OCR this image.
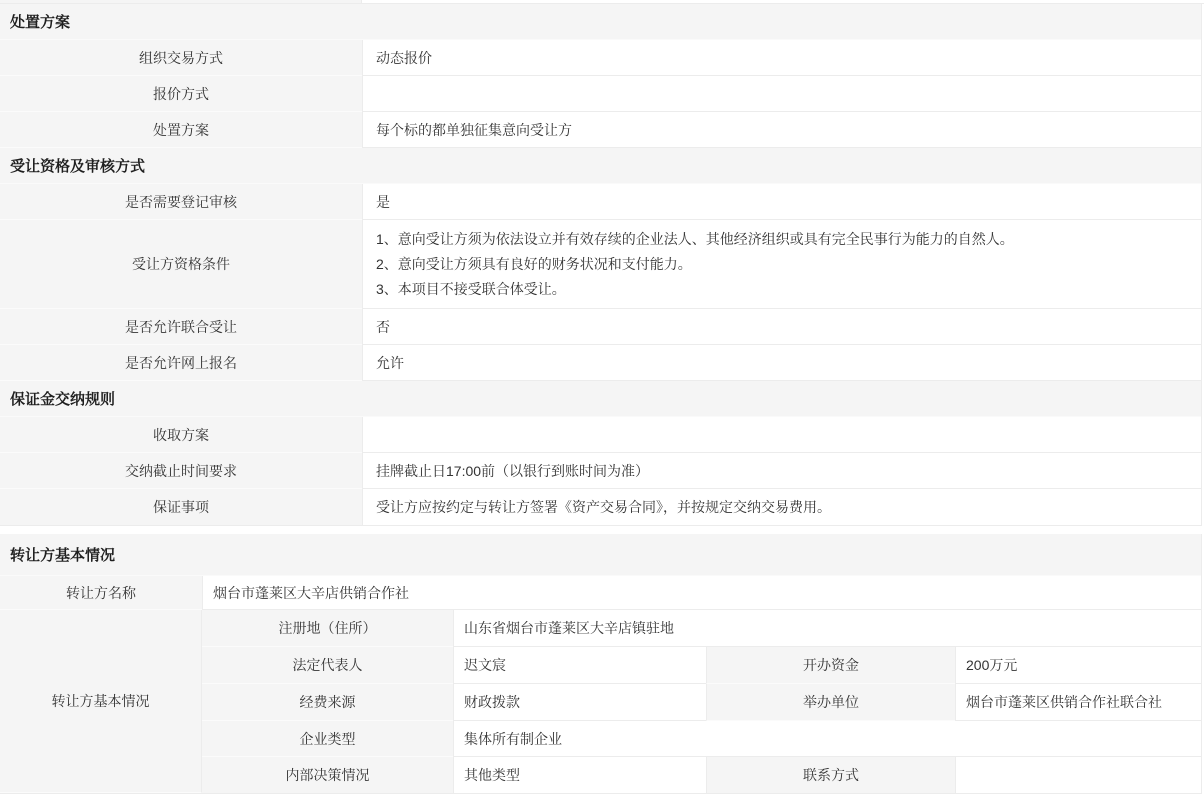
处置方案	
组织交易方式	动态报价
报价方式	
处置方案	每个标的都单独征集意向受让方
受让资格及审核方式	
是否需要登记审核	是
受让方资格条件	1、意向受让方须为依法设立并有效存续的企业法人、其他经济组织或具有完全民事行为能力的自然人。
2、意向受让方须具有良好的财务状况和支付能力。
3、本项目不接受联合体受让。

是否允许联合受让	否
是否允许网上报名	允许
保证金交纳规则	
收取方案	
交纳截止时间要求	挂牌截止日17:00前（以银行到账时间为准）
保证事项	受让方应按约定与转让方签署《资产交易合同》，并按规定交纳交易费用。
转让方基本情况				
转让方名称	烟台市蓬莱区大辛店供销合作社			
转让方基本情况	注册地（住所）	山东省烟台市蓬莱区大辛店镇驻地		
	法定代表人	迟文宸	开办资金	200万元
	经费来源	财政拨款	举办单位	烟台市蓬莱区供销合作社联合社
	企业类型	集体所有制企业		
	内部决策情况	其他类型	联系方式	
